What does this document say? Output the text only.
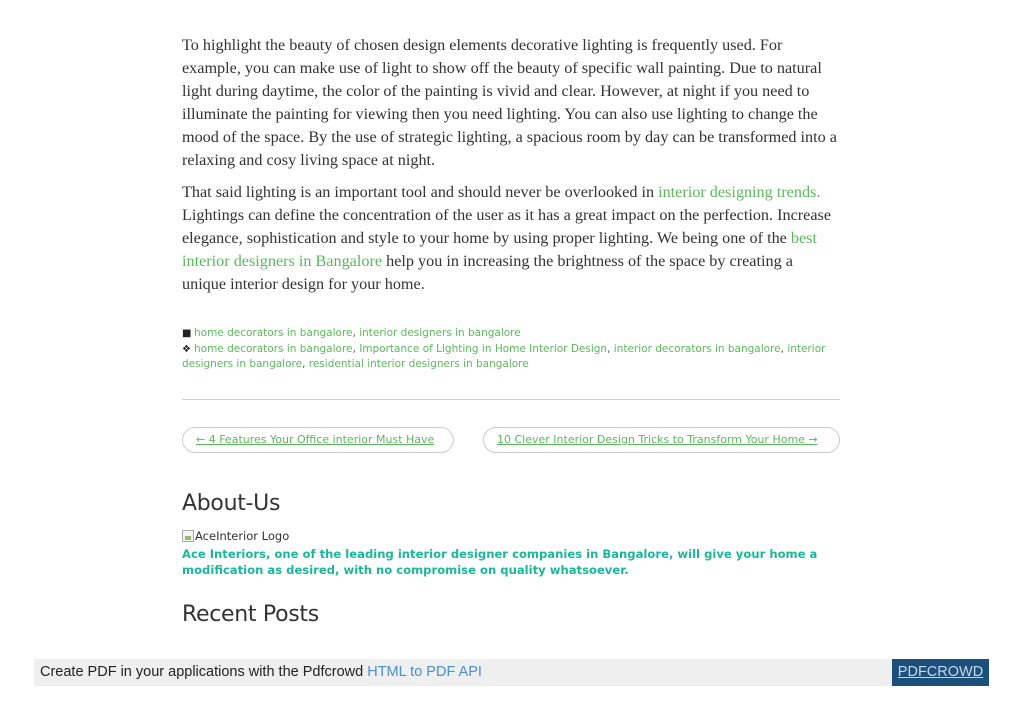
To highlight the beauty of chosen design elements decorative lighting is frequently used. For example, you can make use of light to show off the beauty of specific wall painting. Due to natural light during daytime, the color of the painting is vivid and clear. However, at night if you need to illuminate the painting for viewing then you need lighting. You can also use lighting to change the mood of the space. By the use of strategic lighting, a spacious room by day can be transformed into a relaxing and cosy living space at night.

That said lighting is an important tool and should never be overlooked in interior designing trends. Lightings can define the concentration of the user as it has a great impact on the perfection. Increase elegance, sophistication and style to your home by using proper lighting. We being one of the best interior designers in Bangalore help you in increasing the brightness of the space by creating a unique interior design for your home.

■ home decorators in bangalore, interior designers in bangalore
❖ home decorators in bangalore, Importance of Lighting in Home Interior Design, interior decorators in bangalore, interior designers in bangalore, residential interior designers in bangalore
← 4 Features Your Office interior Must Have	10 Clever Interior Design Tricks to Transform Your Home →
About-Us
AceInterior Logo
Ace Interiors, one of the leading interior designer companies in Bangalore, will give your home a modification as desired, with no compromise on quality whatsoever.
Recent Posts
Create PDF in your applications with the Pdfcrowd HTML to PDF API	PDFCROWD
